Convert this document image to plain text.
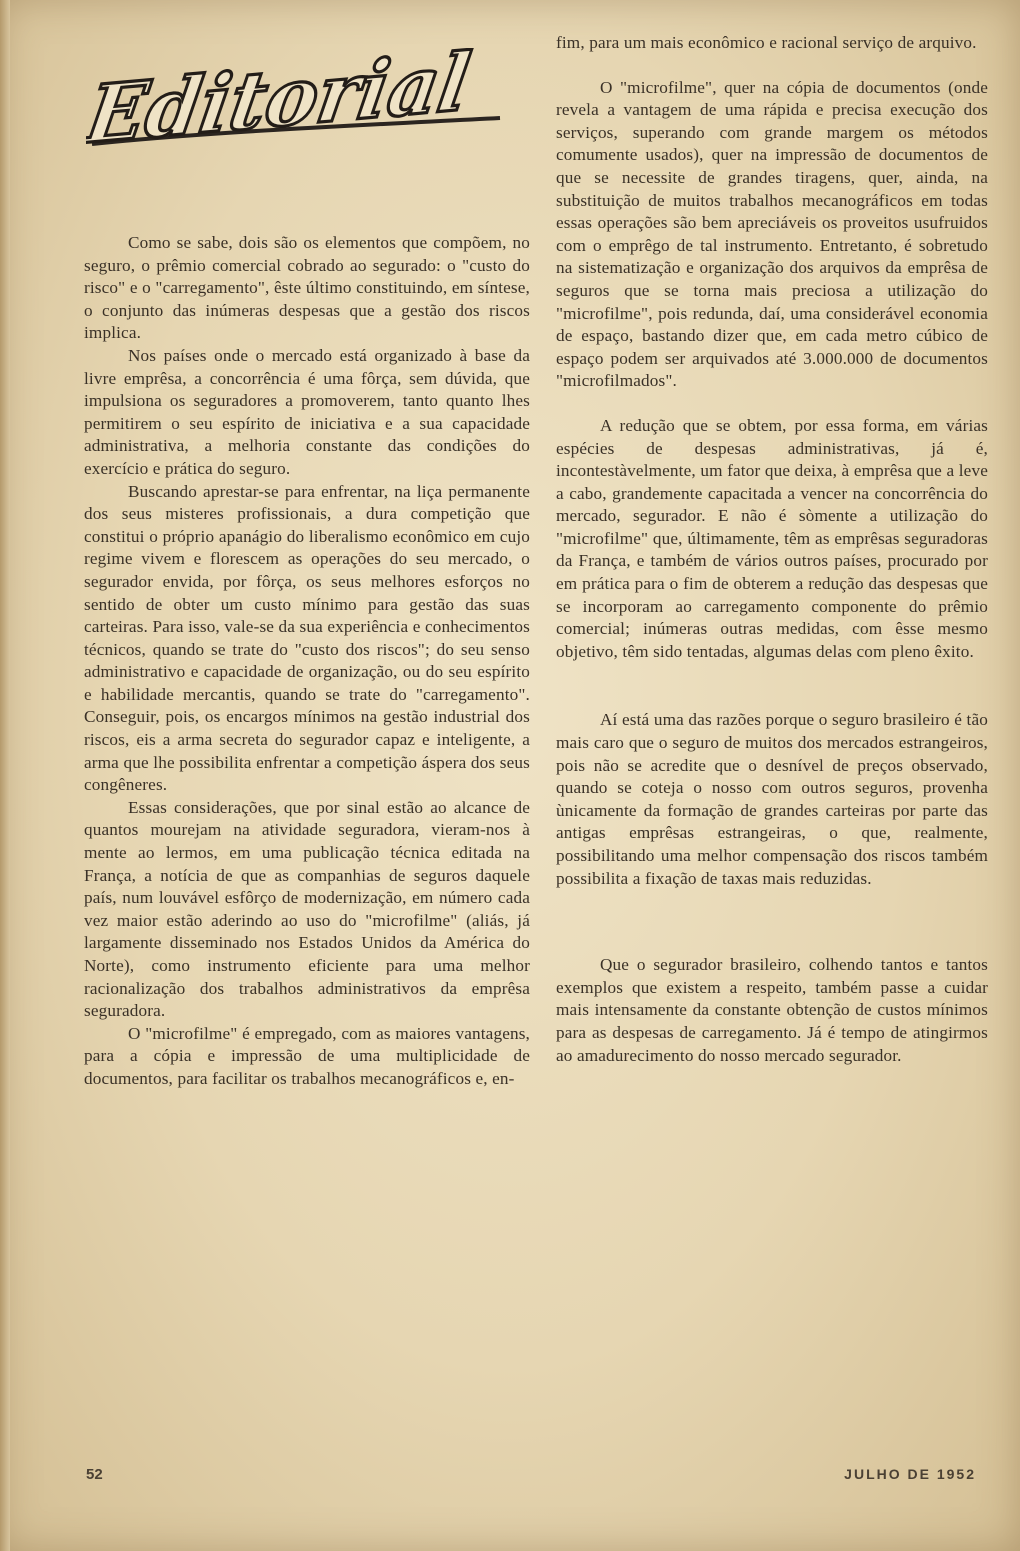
Editorial

Como se sabe, dois são os elementos que compõem, no seguro, o prêmio comercial cobrado ao segurado: o "custo do risco" e o "carregamento", êste último constituindo, em síntese, o conjunto das inúmeras despesas que a gestão dos riscos implica.

Nos países onde o mercado está organizado à base da livre emprêsa, a concorrência é uma fôrça, sem dúvida, que impulsiona os seguradores a promoverem, tanto quanto lhes permitirem o seu espírito de iniciativa e a sua capacidade administrativa, a melhoria constante das condições do exercício e prática do seguro.

Buscando aprestar-se para enfrentar, na liça permanente dos seus misteres profissionais, a dura competição que constitui o próprio apanágio do liberalismo econômico em cujo regime vivem e florescem as operações do seu mercado, o segurador envida, por fôrça, os seus melhores esforços no sentido de obter um custo mínimo para gestão das suas carteiras. Para isso, vale-se da sua experiência e conhecimentos técnicos, quando se trate do "custo dos riscos"; do seu senso administrativo e capacidade de organização, ou do seu espírito e habilidade mercantis, quando se trate do "carregamento". Conseguir, pois, os encargos mínimos na gestão industrial dos riscos, eis a arma secreta do segurador capaz e inteligente, a arma que lhe possibilita enfrentar a competição áspera dos seus congêneres.

Essas considerações, que por sinal estão ao alcance de quantos mourejam na atividade seguradora, vieram-nos à mente ao lermos, em uma publicação técnica editada na França, a notícia de que as companhias de seguros daquele país, num louvável esfôrço de modernização, em número cada vez maior estão aderindo ao uso do "microfilme" (aliás, já largamente disseminado nos Estados Unidos da América do Norte), como instrumento eficiente para uma melhor racionalização dos trabalhos administrativos da emprêsa seguradora.

O "microfilme" é empregado, com as maiores vantagens, para a cópia e impressão de uma multiplicidade de documentos, para facilitar os trabalhos mecanográficos e, en-

fim, para um mais econômico e racional serviço de arquivo.

O "microfilme", quer na cópia de documentos (onde revela a vantagem de uma rápida e precisa execução dos serviços, superando com grande margem os métodos comumente usados), quer na impressão de documentos de que se necessite de grandes tiragens, quer, ainda, na substituição de muitos trabalhos mecanográficos em todas essas operações são bem apreciáveis os proveitos usufruidos com o emprêgo de tal instrumento. Entretanto, é sobretudo na sistematização e organização dos arquivos da emprêsa de seguros que se torna mais preciosa a utilização do "microfilme", pois redunda, daí, uma considerável economia de espaço, bastando dizer que, em cada metro cúbico de espaço podem ser arquivados até 3.000.000 de documentos "microfilmados".

A redução que se obtem, por essa forma, em várias espécies de despesas administrativas, já é, incontestàvelmente, um fator que deixa, à emprêsa que a leve a cabo, grandemente capacitada a vencer na concorrência do mercado, segurador. E não é sòmente a utilização do "microfilme" que, últimamente, têm as emprêsas seguradoras da França, e também de vários outros países, procurado por em prática para o fim de obterem a redução das despesas que se incorporam ao carregamento componente do prêmio comercial; inúmeras outras medidas, com êsse mesmo objetivo, têm sido tentadas, algumas delas com pleno êxito.

Aí está uma das razões porque o seguro brasileiro é tão mais caro que o seguro de muitos dos mercados estrangeiros, pois não se acredite que o desnível de preços observado, quando se coteja o nosso com outros seguros, provenha ùnicamente da formação de grandes carteiras por parte das antigas emprêsas estrangeiras, o que, realmente, possibilitando uma melhor compensação dos riscos também possibilita a fixação de taxas mais reduzidas.

Que o segurador brasileiro, colhendo tantos e tantos exemplos que existem a respeito, também passe a cuidar mais intensamente da constante obtenção de custos mínimos para as despesas de carregamento. Já é tempo de atingirmos ao amadurecimento do nosso mercado segurador.

52	JULHO DE 1952
